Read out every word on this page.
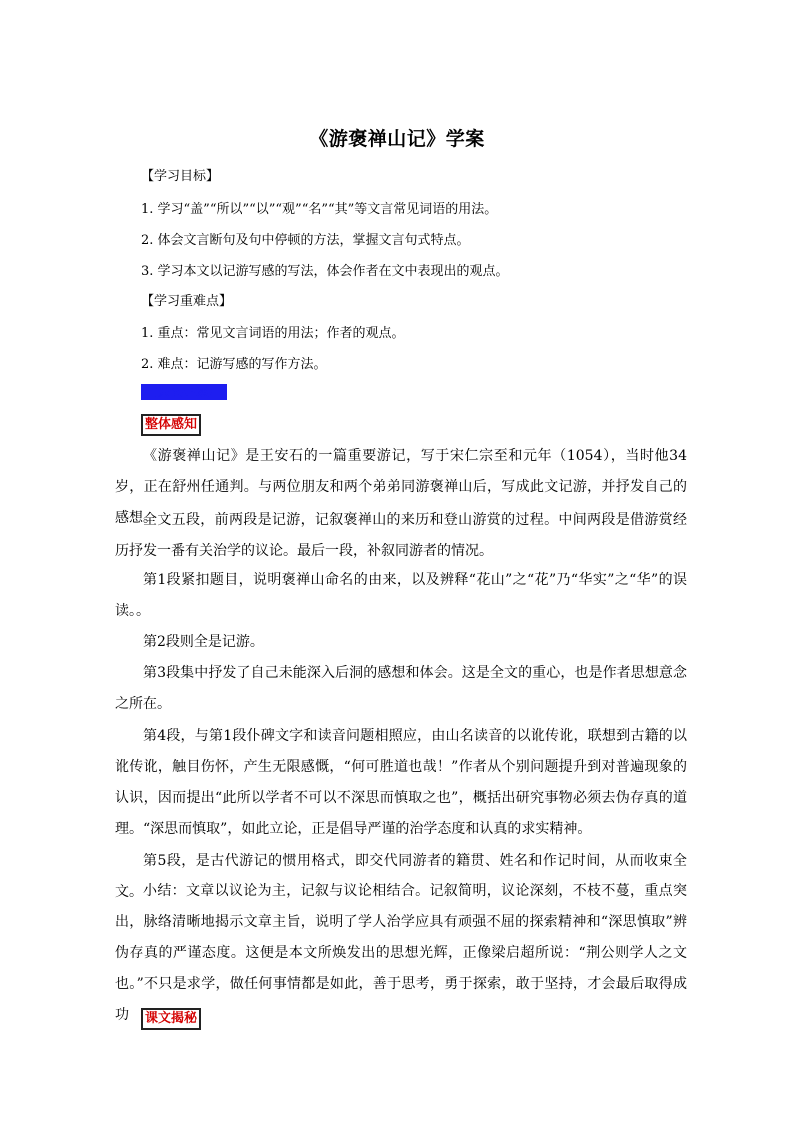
《游褒禅山记》学案
【学习目标】
1. 学习“盖”“所以”“以”“观”“名”“其”等文言常见词语的用法。
2. 体会文言断句及句中停顿的方法，掌握文言句式特点。
3. 学习本文以记游写感的写法，体会作者在文中表现出的观点。
【学习重难点】
1. 重点：常见文言词语的用法；作者的观点。
2. 难点：记游写感的写作方法。
【课文导读】
整体感知
《游褒禅山记》是王安石的一篇重要游记，写于宋仁宗至和元年（1054），当时他34岁，正在舒州任通判。与两位朋友和两个弟弟同游褒禅山后，写成此文记游，并抒发自己的感想。
全文五段，前两段是记游，记叙褒禅山的来历和登山游赏的过程。中间两段是借游赏经历抒发一番有关治学的议论。最后一段，补叙同游者的情况。
第1段紧扣题目，说明褒禅山命名的由来，以及辨释“花山”之“花”乃“华实”之“华”的误读。。
第2段则全是记游。
第3段集中抒发了自己未能深入后洞的感想和体会。这是全文的重心，也是作者思想意念之所在。
第4段，与第1段仆碑文字和读音问题相照应，由山名读音的以讹传讹，联想到古籍的以讹传讹，触目伤怀，产生无限感慨，“何可胜道也哉！”作者从个别问题提升到对普遍现象的认识，因而提出“此所以学者不可以不深思而慎取之也”，概括出研究事物必须去伪存真的道理。“深思而慎取”，如此立论，正是倡导严谨的治学态度和认真的求实精神。
第5段，是古代游记的惯用格式，即交代同游者的籍贯、姓名和作记时间，从而收束全文。 小结：文章以议论为主，记叙与议论相结合。记叙简明，议论深刻，不枝不蔓，重点突出，脉络清晰地揭示文章主旨，说明了学人治学应具有顽强不屈的探索精神和“深思慎取”辨伪存真的严谨态度。这便是本文所焕发出的思想光辉，正像梁启超所说：“荆公则学人之文也。”不只是求学，做任何事情都是如此，善于思考，勇于探索，敢于坚持，才会最后取得成功	课文揭秘
